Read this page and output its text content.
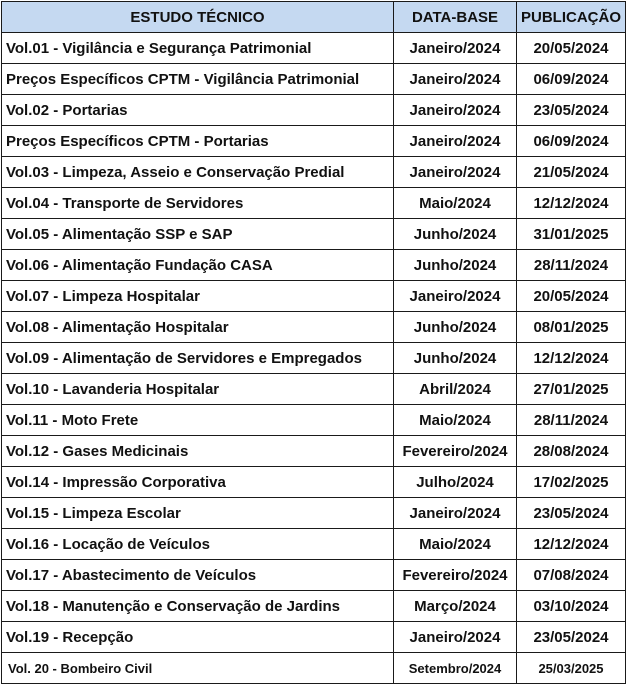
ESTUDO TÉCNICO	DATA-BASE	PUBLICAÇÃO
Vol.01 - Vigilância e Segurança Patrimonial	Janeiro/2024	20/05/2024
Preços Específicos CPTM - Vigilância Patrimonial	Janeiro/2024	06/09/2024
Vol.02 - Portarias	Janeiro/2024	23/05/2024
Preços Específicos CPTM - Portarias	Janeiro/2024	06/09/2024
Vol.03 - Limpeza, Asseio e Conservação Predial	Janeiro/2024	21/05/2024
Vol.04 - Transporte de Servidores	Maio/2024	12/12/2024
Vol.05 - Alimentação SSP e SAP	Junho/2024	31/01/2025
Vol.06 - Alimentação Fundação CASA	Junho/2024	28/11/2024
Vol.07 - Limpeza Hospitalar	Janeiro/2024	20/05/2024
Vol.08 - Alimentação Hospitalar	Junho/2024	08/01/2025
Vol.09 - Alimentação de Servidores e Empregados	Junho/2024	12/12/2024
Vol.10 - Lavanderia Hospitalar	Abril/2024	27/01/2025
Vol.11 - Moto Frete	Maio/2024	28/11/2024
Vol.12 - Gases Medicinais	Fevereiro/2024	28/08/2024
Vol.14 - Impressão Corporativa	Julho/2024	17/02/2025
Vol.15 - Limpeza Escolar	Janeiro/2024	23/05/2024
Vol.16 - Locação de Veículos	Maio/2024	12/12/2024
Vol.17 - Abastecimento de Veículos	Fevereiro/2024	07/08/2024
Vol.18 - Manutenção e Conservação de Jardins	Março/2024	03/10/2024
Vol.19 - Recepção	Janeiro/2024	23/05/2024
Vol. 20 - Bombeiro Civil	Setembro/2024	25/03/2025
